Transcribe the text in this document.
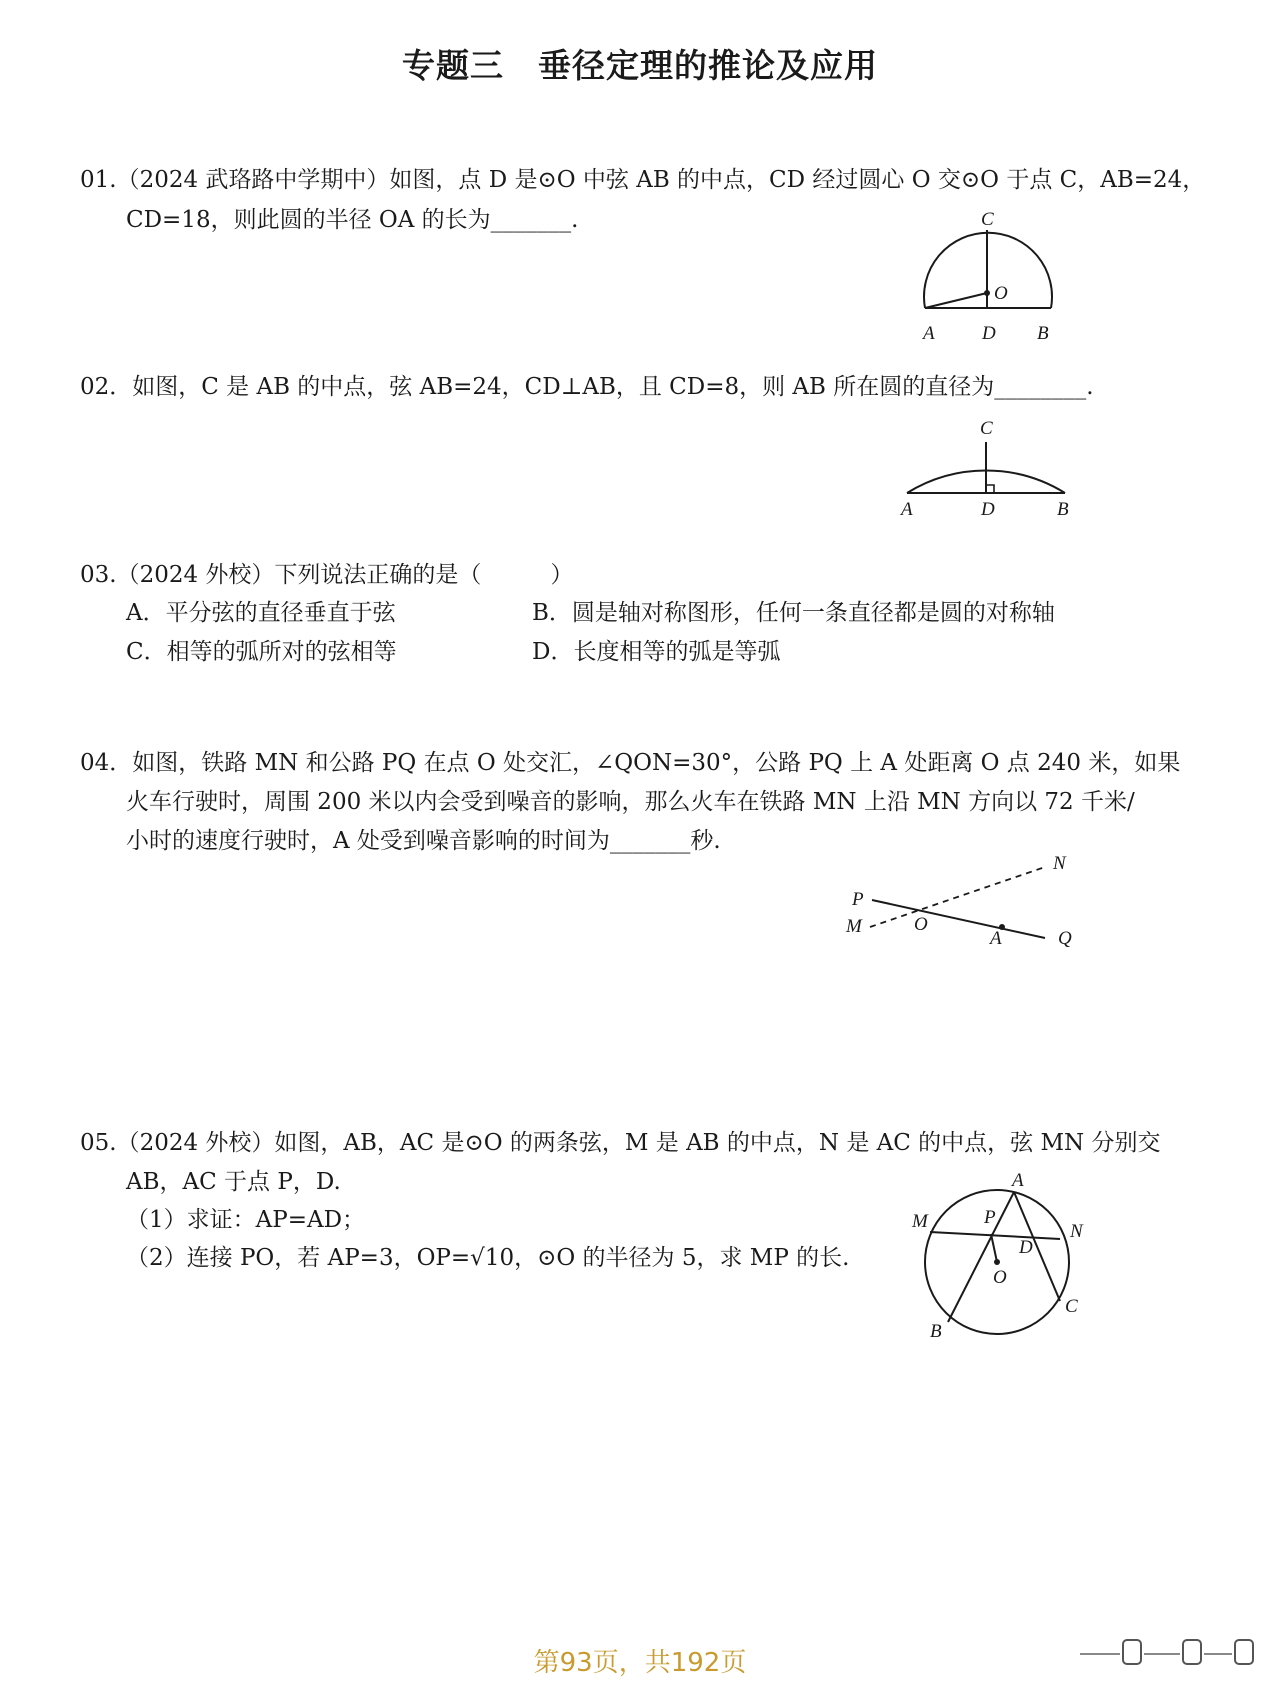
专题三　垂径定理的推论及应用
01.（2024 武珞路中学期中）如图，点 D 是⊙O 中弦 AB 的中点，CD 经过圆心 O 交⊙O 于点 C，AB=24，
CD=18，则此圆的半径 OA 的长为_______.	C
O
A D B
02．如图，C 是 AB 的中点，弦 AB=24，CD⊥AB，且 CD=8，则 AB 所在圆的直径为________.
C
A	D	B
03.（2024 外校）下列说法正确的是（　　　）
A．平分弦的直径垂直于弦	B．圆是轴对称图形，任何一条直径都是圆的对称轴
C．相等的弧所对的弦相等	D．长度相等的弧是等弧
04．如图，铁路 MN 和公路 PQ 在点 O 处交汇，∠QON=30°，公路 PQ 上 A 处距离 O 点 240 米，如果
火车行驶时，周围 200 米以内会受到噪音的影响，那么火车在铁路 MN 上沿 MN 方向以 72 千米/
小时的速度行驶时，A 处受到噪音影响的时间为_______秒.
N
P
O
M
A	Q
05.（2024 外校）如图，AB，AC 是⊙O 的两条弦，M 是 AB 的中点，N 是 AC 的中点，弦 MN 分别交
AB，AC 于点 P，D.
（1）求证：AP=AD；
（2）连接 PO，若 AP=3，OP=√10，⊙O 的半径为 5，求 MP 的长.
A
M	P
N
D
O
B
C
第93页，共192页
